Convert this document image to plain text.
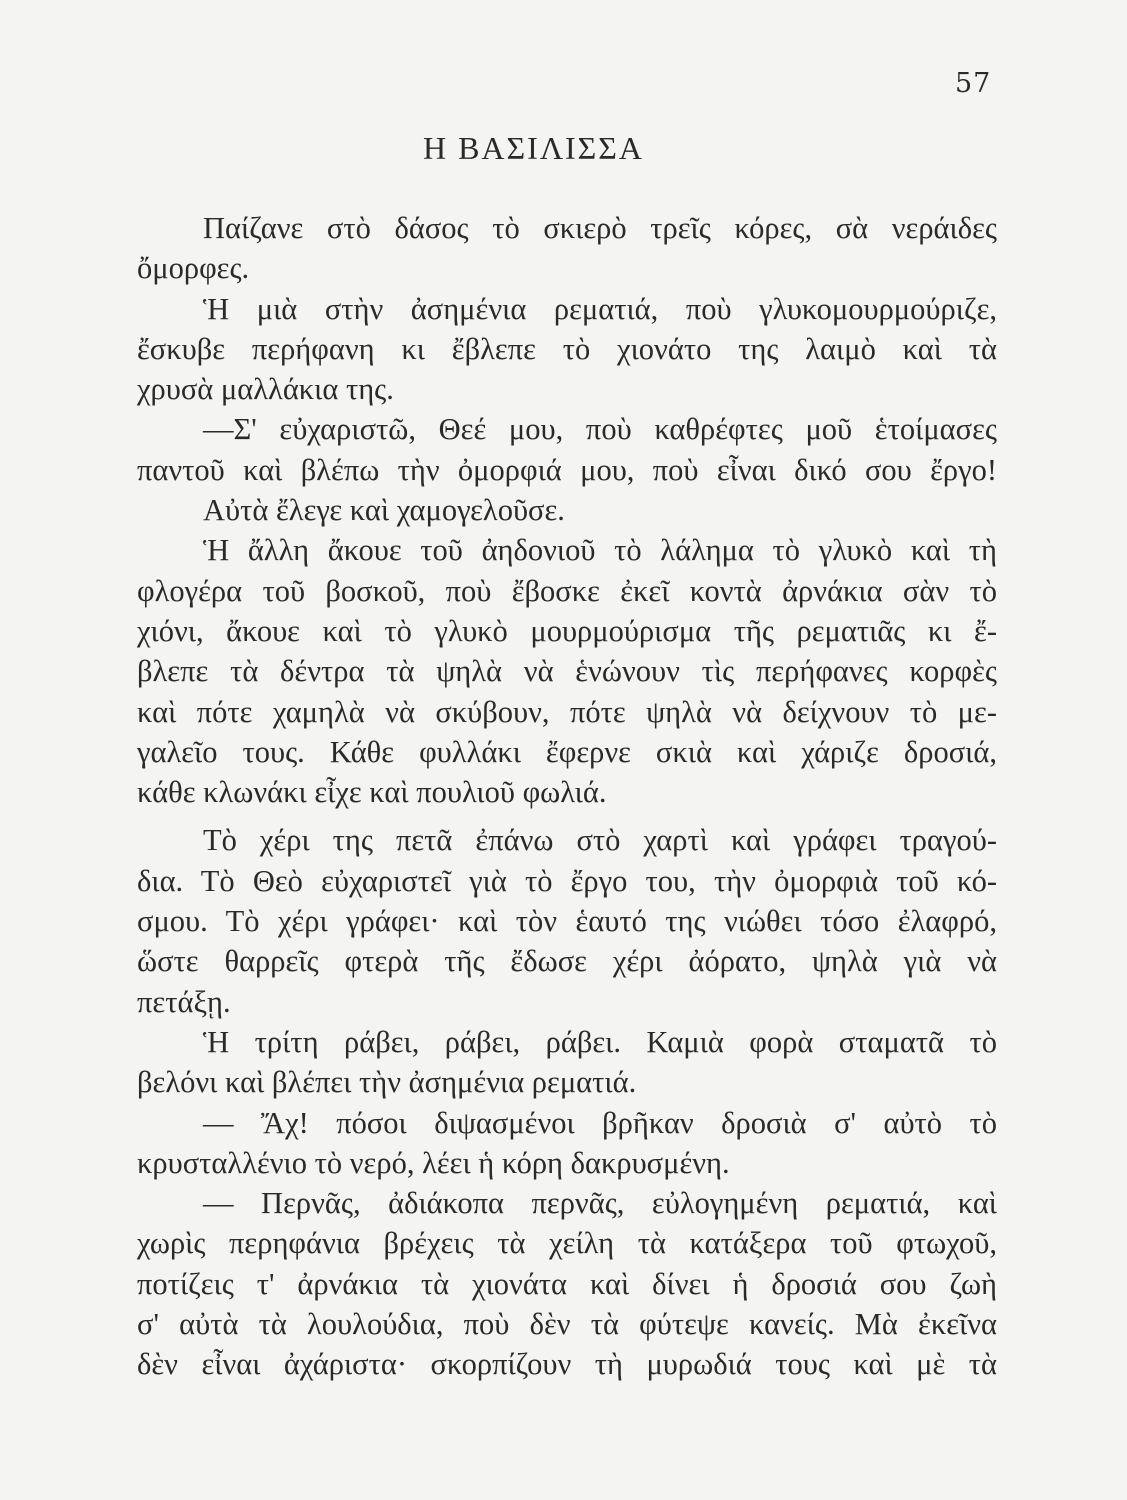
57
Η ΒΑΣΙΛΙΣΣΑ
Παίζανε στὸ δάσος τὸ σκιερὸ τρεῖς κόρες, σὰ νεράιδες
ὄμορφες.
Ἡ μιὰ στὴν ἀσημένια ρεματιά, ποὺ γλυκομουρμούριζε,
ἔσκυβε περήφανη κι ἔβλεπε τὸ χιονάτο της λαιμὸ καὶ τὰ
χρυσὰ μαλλάκια της.
—Σ' εὐχαριστῶ, Θεέ μου, ποὺ καθρέφτες μοῦ ἑτοίμασες
παντοῦ καὶ βλέπω τὴν ὀμορφιά μου, ποὺ εἶναι δικό σου ἔργο!
Αὐτὰ ἔλεγε καὶ χαμογελοῦσε.
Ἡ ἄλλη ἄκουε τοῦ ἀηδονιοῦ τὸ λάλημα τὸ γλυκὸ καὶ τὴ
φλογέρα τοῦ βοσκοῦ, ποὺ ἔβοσκε ἐκεῖ κοντὰ ἀρνάκια σὰν τὸ
χιόνι, ἄκουε καὶ τὸ γλυκὸ μουρμούρισμα τῆς ρεματιᾶς κι ἔ-
βλεπε τὰ δέντρα τὰ ψηλὰ νὰ ἑνώνουν τὶς περήφανες κορφὲς
καὶ πότε χαμηλὰ νὰ σκύβουν, πότε ψηλὰ νὰ δείχνουν τὸ με-
γαλεῖο τους. Κάθε φυλλάκι ἔφερνε σκιὰ καὶ χάριζε δροσιά,
κάθε κλωνάκι εἶχε καὶ πουλιοῦ φωλιά.
Τὸ χέρι της πετᾶ ἐπάνω στὸ χαρτὶ καὶ γράφει τραγού-
δια. Τὸ Θεὸ εὐχαριστεῖ γιὰ τὸ ἔργο του, τὴν ὀμορφιὰ τοῦ κό-
σμου. Τὸ χέρι γράφει· καὶ τὸν ἑαυτό της νιώθει τόσο ἐλαφρό,
ὥστε θαρρεῖς φτερὰ τῆς ἔδωσε χέρι ἀόρατο, ψηλὰ γιὰ νὰ
πετάξῃ.
Ἡ τρίτη ράβει, ράβει, ράβει. Καμιὰ φορὰ σταματᾶ τὸ
βελόνι καὶ βλέπει τὴν ἀσημένια ρεματιά.
— Ἄχ! πόσοι διψασμένοι βρῆκαν δροσιὰ σ' αὐτὸ τὸ
κρυσταλλένιο τὸ νερό, λέει ἡ κόρη δακρυσμένη.
— Περνᾶς, ἀδιάκοπα περνᾶς, εὐλογημένη ρεματιά, καὶ
χωρὶς περηφάνια βρέχεις τὰ χείλη τὰ κατάξερα τοῦ φτωχοῦ,
ποτίζεις τ' ἀρνάκια τὰ χιονάτα καὶ δίνει ἡ δροσιά σου ζωὴ
σ' αὐτὰ τὰ λουλούδια, ποὺ δὲν τὰ φύτεψε κανείς. Μὰ ἐκεῖνα
δὲν εἶναι ἀχάριστα· σκορπίζουν τὴ μυρωδιά τους καὶ μὲ τὰ
